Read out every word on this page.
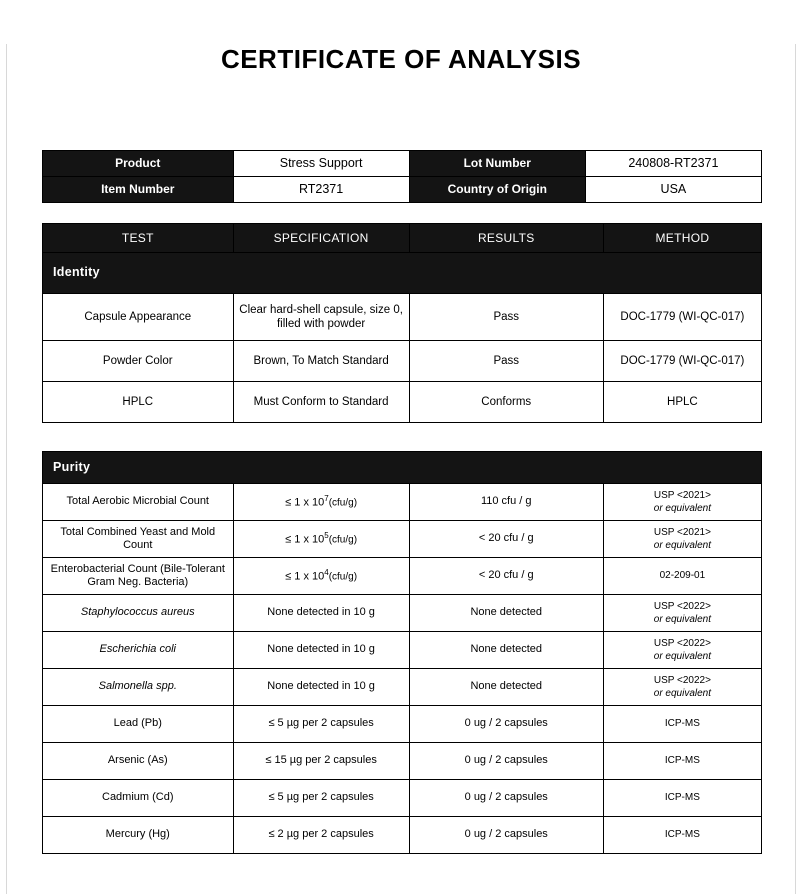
CERTIFICATE OF ANALYSIS
Product	Stress Support	Lot Number	240808-RT2371
Item Number	RT2371	Country of Origin	USA
TEST	SPECIFICATION	RESULTS	METHOD
Identity			
Capsule Appearance	Clear hard-shell capsule, size 0, filled with powder	Pass	DOC-1779 (WI-QC-017)
Powder Color	Brown, To Match Standard	Pass	DOC-1779 (WI-QC-017)
HPLC	Must Conform to Standard	Conforms	HPLC
Purity			
Total Aerobic Microbial Count	≤ 1 x $10^7(cfu/g)$	110 cfu / g	USP <2021>
or equivalent
Total Combined Yeast and Mold Count	≤ 1 x $10^5(cfu/g)$	< 20 cfu / g	USP <2021>
or equivalent
Enterobacterial Count (Bile-Tolerant Gram Neg. Bacteria)	≤ 1 x $10^4(cfu/g)$	< 20 cfu / g	02-209-01
Staphylococcus aureus	None detected in 10 g	None detected	USP <2022>
or equivalent
Escherichia coli	None detected in 10 g	None detected	USP <2022>
or equivalent
Salmonella spp.	None detected in 10 g	None detected	USP <2022>
or equivalent
Lead (Pb)	≤ 5 µg per 2 capsules	0 ug / 2 capsules	ICP-MS
Arsenic (As)	≤ 15 µg per 2 capsules	0 ug / 2 capsules	ICP-MS
Cadmium (Cd)	≤ 5 µg per 2 capsules	0 ug / 2 capsules	ICP-MS
Mercury (Hg)	≤ 2 µg per 2 capsules	0 ug / 2 capsules	ICP-MS
